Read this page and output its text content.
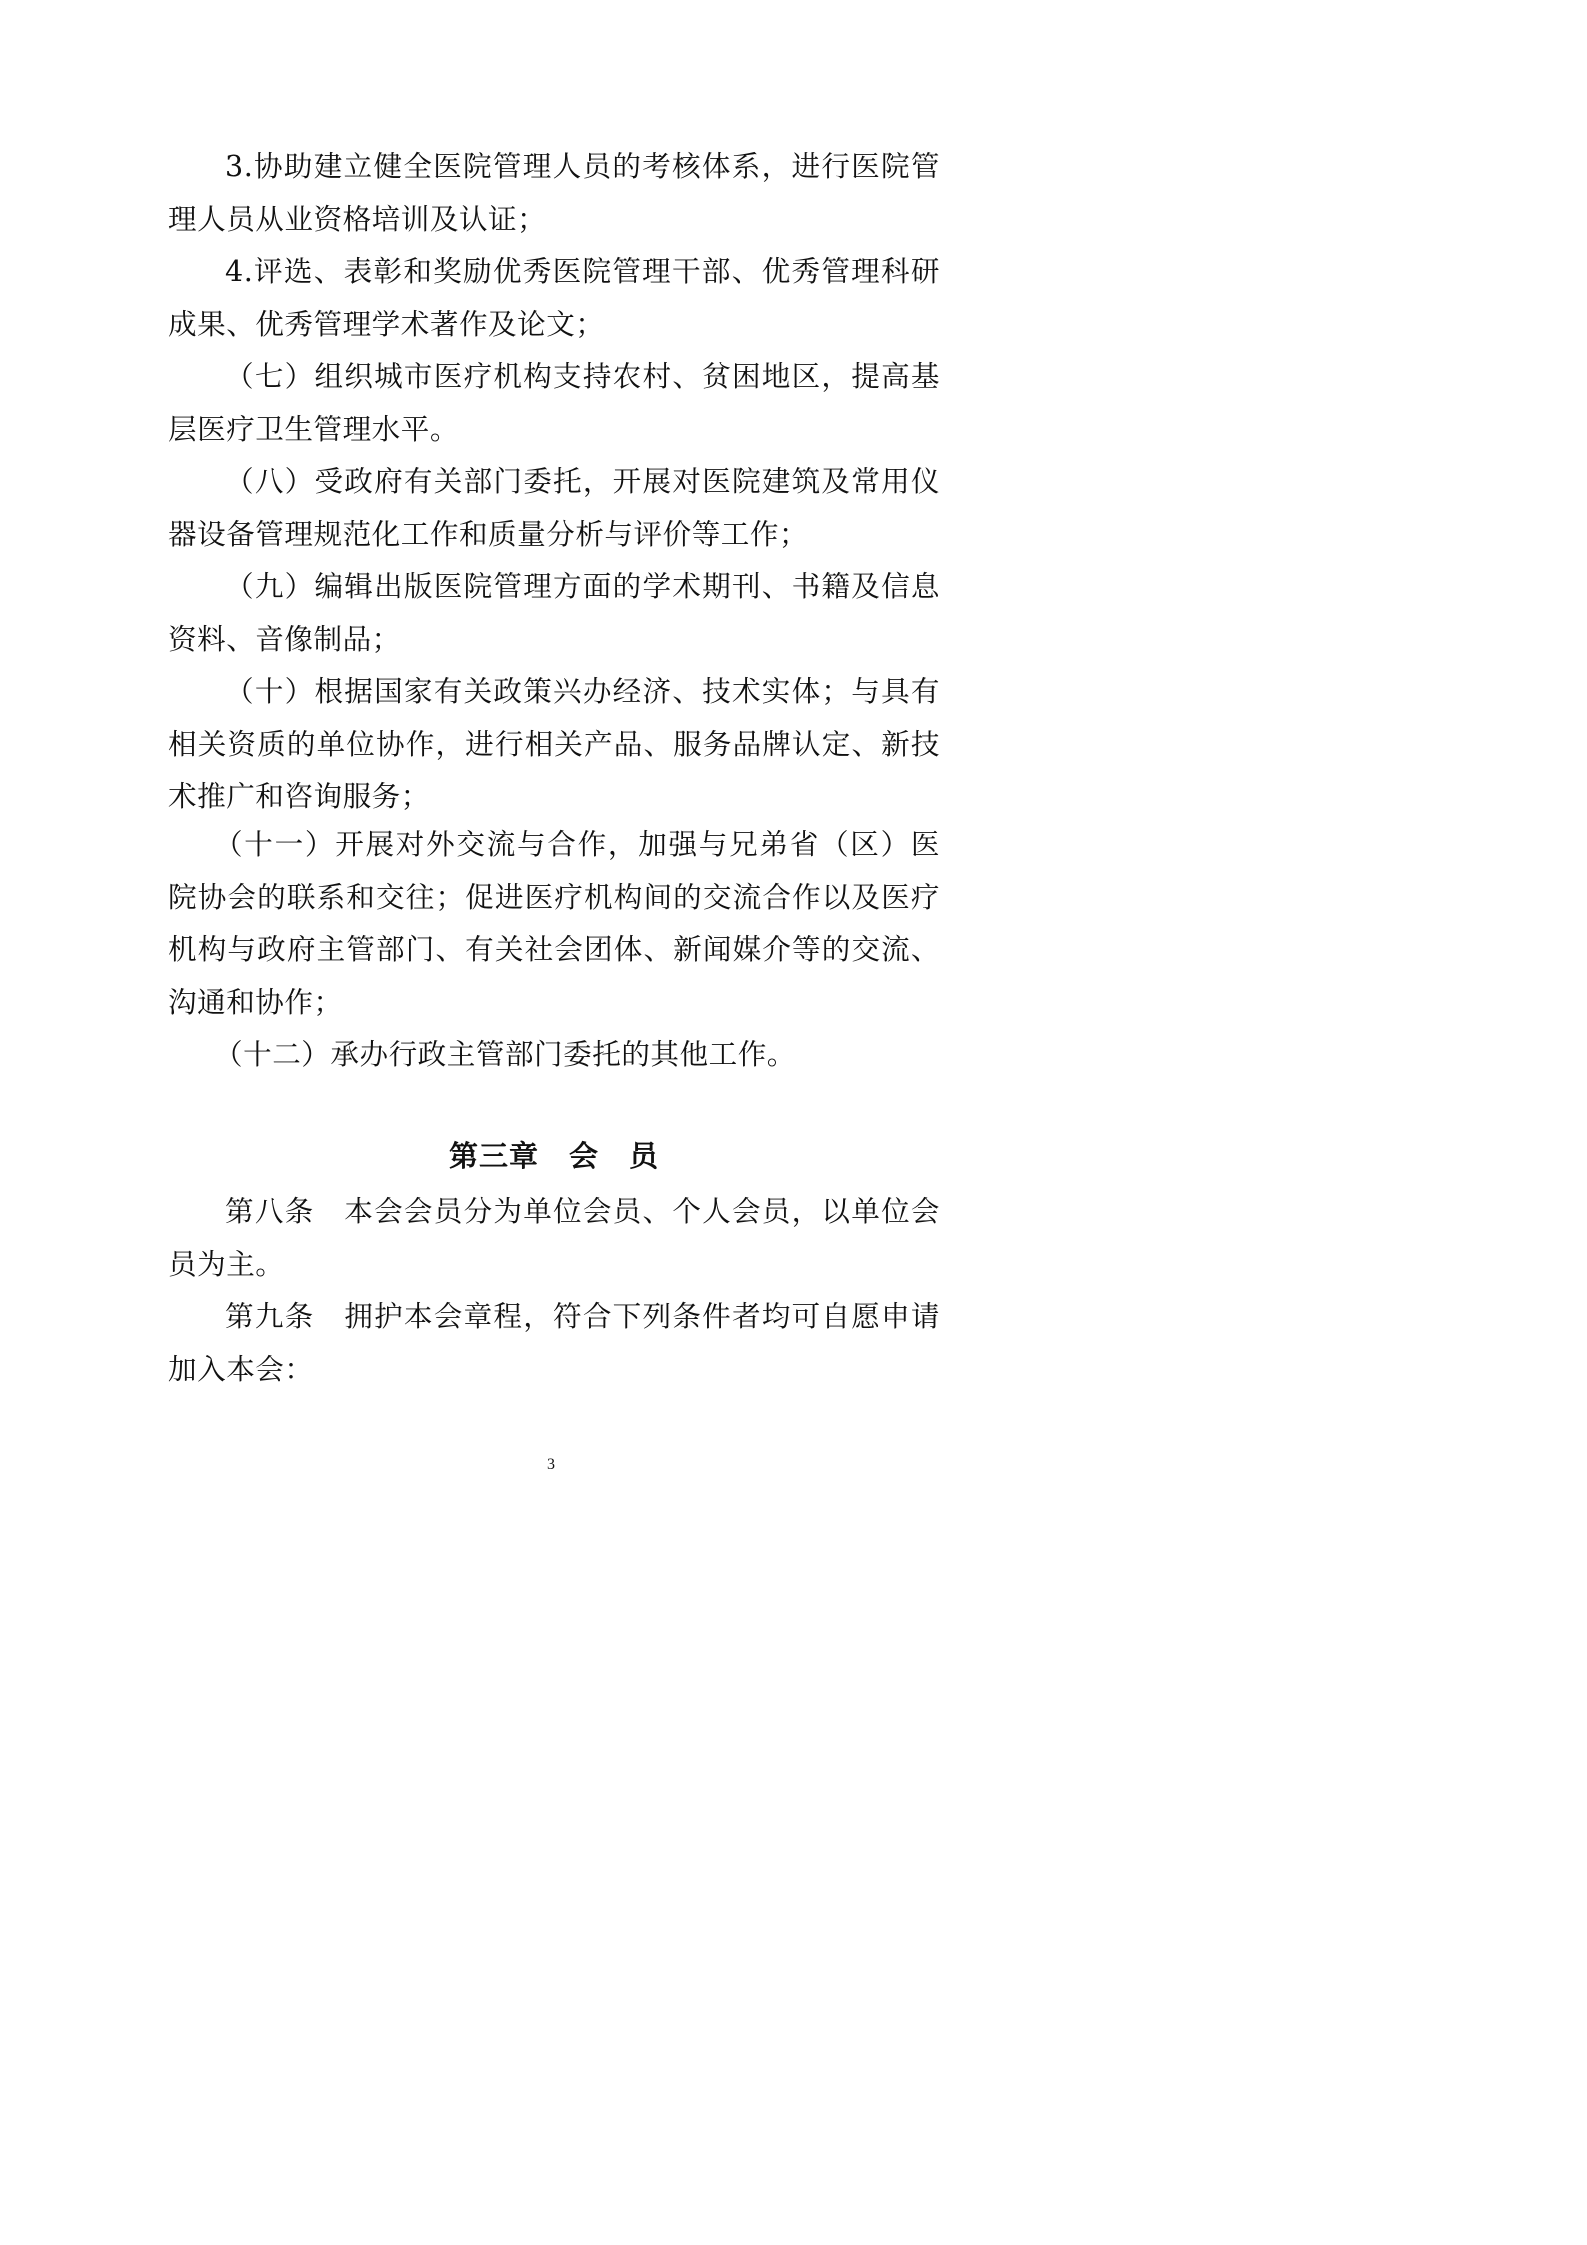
3.协助建立健全医院管理人员的考核体系，进行医院管理人员从业资格培训及认证；

4.评选、表彰和奖励优秀医院管理干部、优秀管理科研成果、优秀管理学术著作及论文；

（七）组织城市医疗机构支持农村、贫困地区，提高基层医疗卫生管理水平。

（八）受政府有关部门委托，开展对医院建筑及常用仪器设备管理规范化工作和质量分析与评价等工作；

（九）编辑出版医院管理方面的学术期刊、书籍及信息资料、音像制品；

（十）根据国家有关政策兴办经济、技术实体；与具有相关资质的单位协作，进行相关产品、服务品牌认定、新技术推广和咨询服务；

（十一）开展对外交流与合作，加强与兄弟省（区）医院协会的联系和交往；促进医疗机构间的交流合作以及医疗机构与政府主管部门、有关社会团体、新闻媒介等的交流、沟通和协作；

（十二）承办行政主管部门委托的其他工作。

第三章　会　员

第八条　本会会员分为单位会员、个人会员，以单位会员为主。

第九条　拥护本会章程，符合下列条件者均可自愿申请加入本会：

3
